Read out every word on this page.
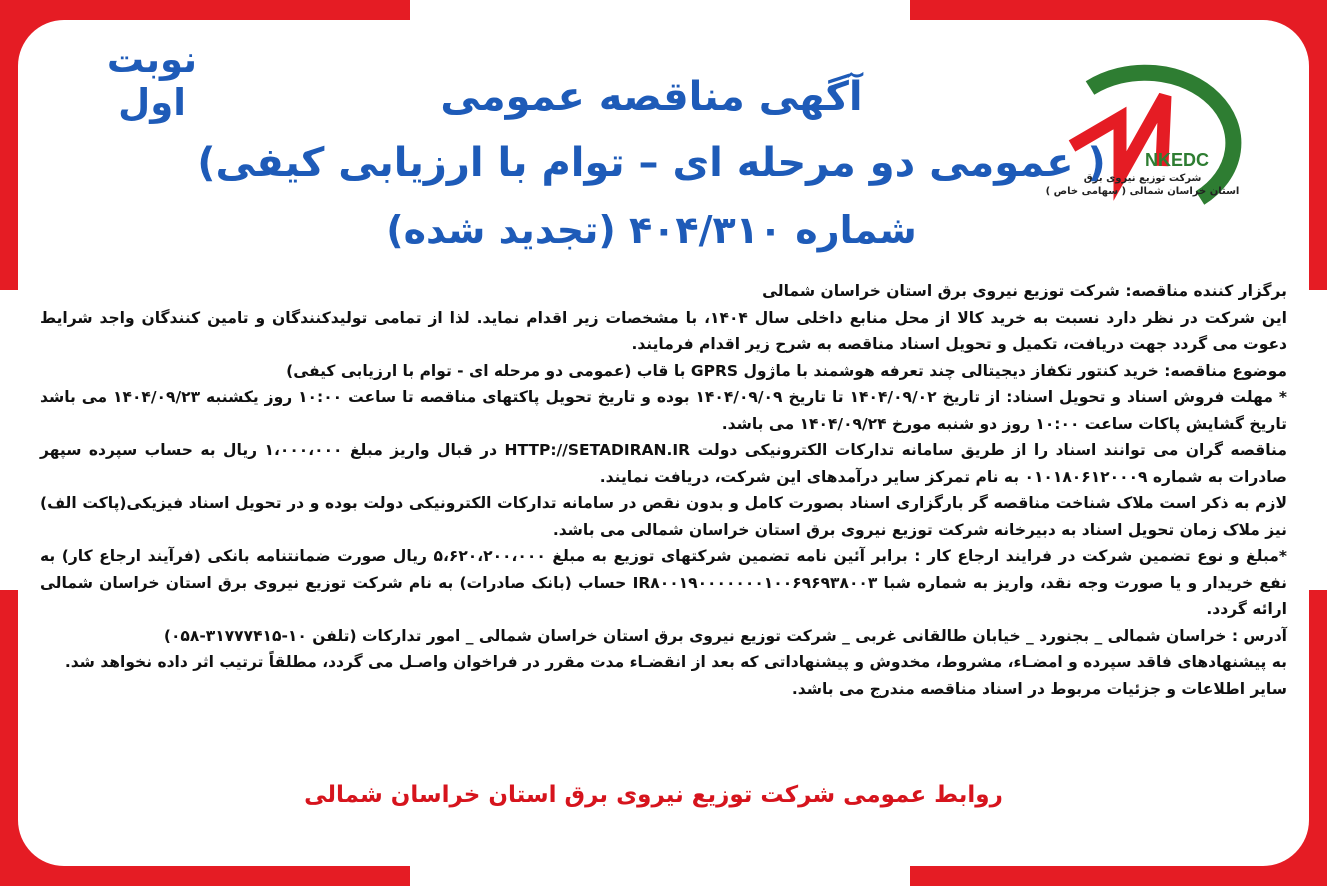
نوبت اول
NKEDC
شرکت توزیع نیروی برق
استان خراسان شمالی ( سهامی خاص )
آگهی مناقصه عمومی
( عمومی دو مرحله ای – توام با ارزیابی کیفی)
شماره ۴۰۴/۳۱۰ (تجدید شده)

برگزار کننده مناقصه: شرکت توزیع نیروی برق استان خراسان شمالی

این شرکت در نظر دارد نسبت به خرید کالا از محل منابع داخلی سال ۱۴۰۴، با مشخصات زیر اقدام نماید. لذا از تمامی تولیدکنندگان و تامین کنندگان واجد شرایط دعوت می گردد جهت دریافت، تکمیل و تحویل اسناد مناقصه به شرح زیر اقدام فرمایند.

موضوع مناقصه: خرید کنتور تکفاز دیجیتالی چند تعرفه هوشمند با ماژول GPRS با قاب (عمومی دو مرحله ای - توام با ارزیابی کیفی)

* مهلت فروش اسناد و تحویل اسناد: از تاریخ ۱۴۰۴/۰۹/۰۲ تا تاریخ ۱۴۰۴/۰۹/۰۹ بوده و تاریخ تحویل پاکتهای مناقصه تا ساعت ۱۰:۰۰ روز یکشنبه ۱۴۰۴/۰۹/۲۳ می باشد تاریخ گشایش پاکات ساعت ۱۰:۰۰ روز دو شنبه مورخ ۱۴۰۴/۰۹/۲۴ می باشد.

مناقصه گران می توانند اسناد را از طریق سامانه تدارکات الکترونیکی دولت HTTP://SETADIRAN.IR در قبال واریز مبلغ ۱،۰۰۰،۰۰۰ ریال به حساب سپرده سپهر صادرات به شماره ۰۱۰۱۸۰۶۱۲۰۰۰۹ به نام تمرکز سایر درآمدهای این شرکت، دریافت نمایند.

لازم به ذکر است ملاک شناخت مناقصه گر بارگزاری اسناد بصورت کامل و بدون نقص در سامانه تدارکات الکترونیکی دولت بوده و در تحویل اسناد فیزیکی(پاکت الف) نیز ملاک زمان تحویل اسناد به دبیرخانه شرکت توزیع نیروی برق استان خراسان شمالی می باشد.

*مبلغ و نوع تضمین شرکت در فرایند ارجاع کار : برابر آئین نامه تضمین شرکتهای توزیع به مبلغ ۵،۶۲۰،۲۰۰،۰۰۰ ریال صورت ضمانتنامه بانکی (فرآیند ارجاع کار) به نفع خریدار و یا صورت وجه نقد، واریز به شماره شبا IR۸۰۰۱۹۰۰۰۰۰۰۰۱۰۰۶۹۶۹۳۸۰۰۳ حساب (بانک صادرات) به نام شرکت توزیع نیروی برق استان خراسان شمالی ارائه گردد.

آدرس : خراسان شمالی _ بجنورد _ خیابان طالقانی غربی _ شرکت توزیع نیروی برق استان خراسان شمالی _ امور تدارکات (تلفن ۱۰-۳۱۷۷۷۴۱۵-۰۵۸)

به پیشنهادهای فاقد سپرده و امضـاء، مشروط، مخدوش و پیشنهاداتی که بعد از انقضـاء مدت مقرر در فراخوان واصـل می گردد، مطلقاً ترتیب اثر داده نخواهد شد.

سایر اطلاعات و جزئیات مربوط در اسناد مناقصه مندرج می باشد.

روابط عمومی شرکت توزیع نیروی برق استان خراسان شمالی
